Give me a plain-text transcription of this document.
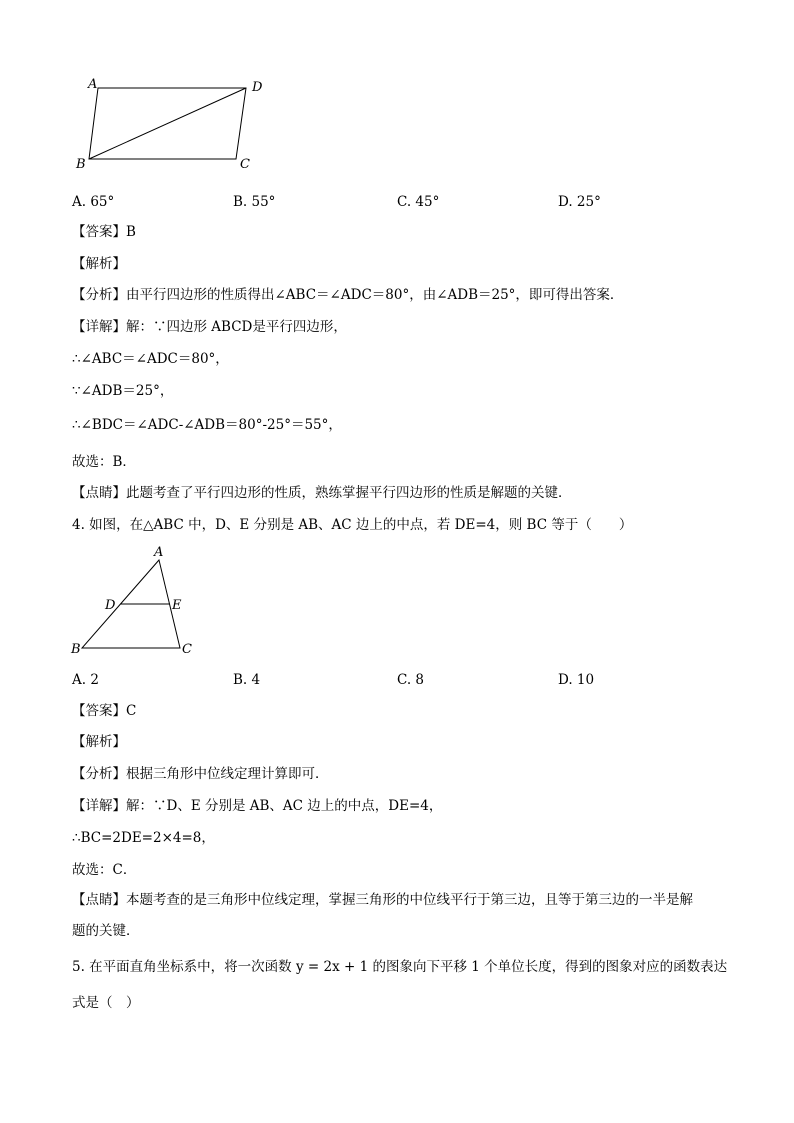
A	D
B	C
A. 65°	B. 55°	C. 45°	D. 25°
【答案】B
【解析】
【分析】由平行四边形的性质得出∠ABC＝∠ADC＝80°，由∠ADB＝25°，即可得出答案．
【详解】解：∵四边形 ABCD是平行四边形，
∴∠ABC＝∠ADC＝80°，
∵∠ADB＝25°，
∴∠BDC＝∠ADC-∠ADB＝80°-25°＝55°，
故选：B．
【点睛】此题考查了平行四边形的性质，熟练掌握平行四边形的性质是解题的关键．
4. 如图，在△ABC 中，D、E 分别是 AB、AC 边上的中点，若 DE=4，则 BC 等于（　　）
A
D	E
B	C
A. 2	B. 4	C. 8	D. 10
【答案】C
【解析】
【分析】根据三角形中位线定理计算即可．
【详解】解：∵D、E 分别是 AB、AC 边上的中点，DE=4，
∴BC=2DE=2×4=8，
故选：C．
【点睛】本题考查的是三角形中位线定理，掌握三角形的中位线平行于第三边，且等于第三边的一半是解
题的关键．
5. 在平面直角坐标系中，将一次函数 y = 2x + 1 的图象向下平移 1 个单位长度，得到的图象对应的函数表达
式是（　）
